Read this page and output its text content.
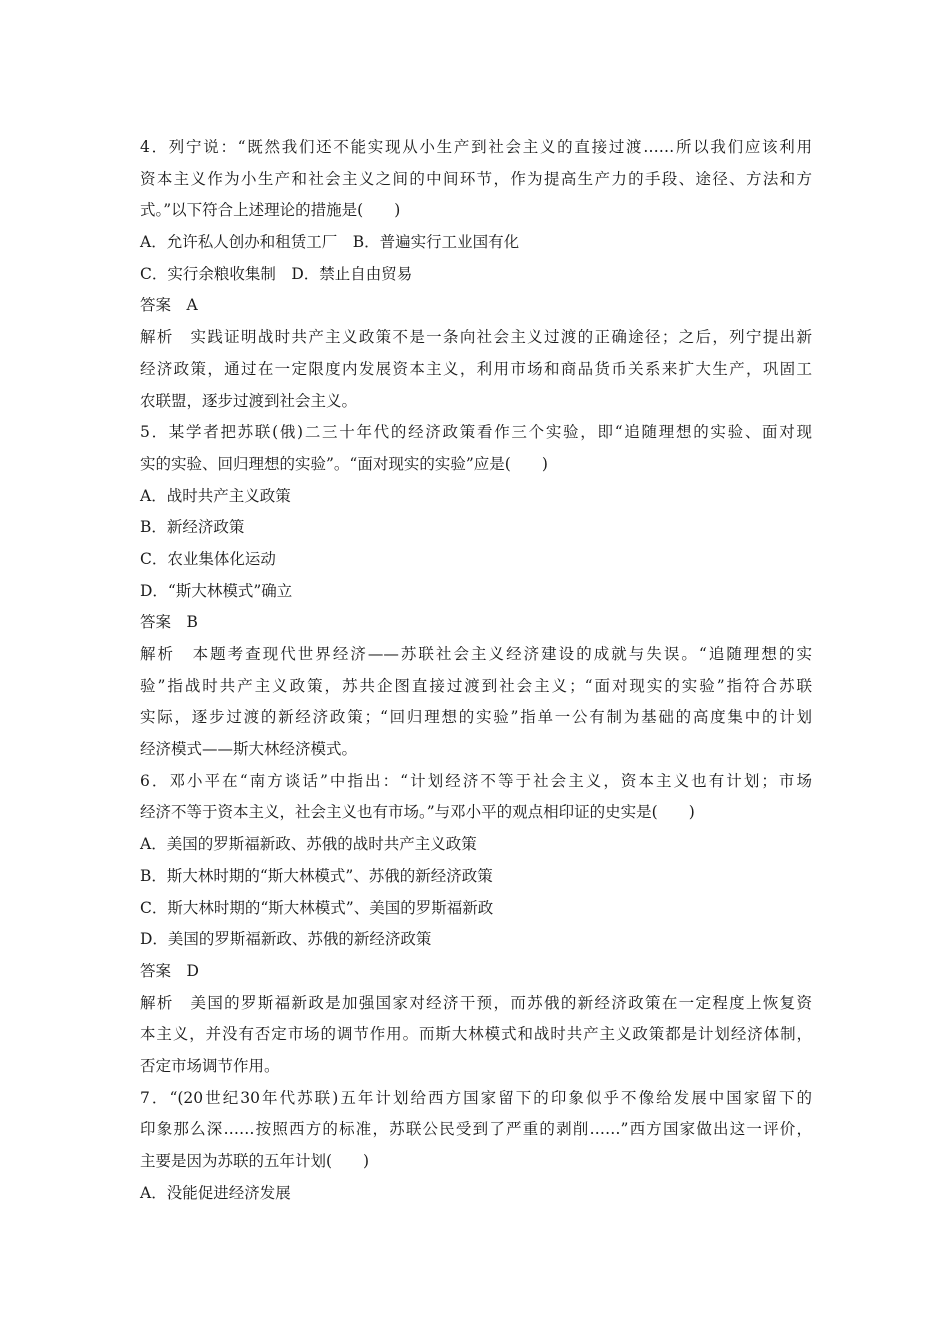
4．列宁说：“既然我们还不能实现从小生产到社会主义的直接过渡……所以我们应该利用
资本主义作为小生产和社会主义之间的中间环节，作为提高生产力的手段、途径、方法和方
式。”以下符合上述理论的措施是(　　)
A．允许私人创办和租赁工厂　B．普遍实行工业国有化
C．实行余粮收集制　D．禁止自由贸易
答案　A
解析　实践证明战时共产主义政策不是一条向社会主义过渡的正确途径；之后，列宁提出新
经济政策，通过在一定限度内发展资本主义，利用市场和商品货币关系来扩大生产，巩固工
农联盟，逐步过渡到社会主义。
5．某学者把苏联(俄)二三十年代的经济政策看作三个实验，即“追随理想的实验、面对现
实的实验、回归理想的实验”。“面对现实的实验”应是(　　)
A．战时共产主义政策
B．新经济政策
C．农业集体化运动
D．“斯大林模式”确立
答案　B
解析　本题考查现代世界经济——苏联社会主义经济建设的成就与失误。“追随理想的实
验”指战时共产主义政策，苏共企图直接过渡到社会主义；“面对现实的实验”指符合苏联
实际，逐步过渡的新经济政策；“回归理想的实验”指单一公有制为基础的高度集中的计划
经济模式——斯大林经济模式。
6．邓小平在“南方谈话”中指出：“计划经济不等于社会主义，资本主义也有计划；市场
经济不等于资本主义，社会主义也有市场。”与邓小平的观点相印证的史实是(　　)
A．美国的罗斯福新政、苏俄的战时共产主义政策
B．斯大林时期的“斯大林模式”、苏俄的新经济政策
C．斯大林时期的“斯大林模式”、美国的罗斯福新政
D．美国的罗斯福新政、苏俄的新经济政策
答案　D
解析　美国的罗斯福新政是加强国家对经济干预，而苏俄的新经济政策在一定程度上恢复资
本主义，并没有否定市场的调节作用。而斯大林模式和战时共产主义政策都是计划经济体制，
否定市场调节作用。
7．“(20世纪30年代苏联)五年计划给西方国家留下的印象似乎不像给发展中国家留下的
印象那么深……按照西方的标准，苏联公民受到了严重的剥削……”西方国家做出这一评价，
主要是因为苏联的五年计划(　　)
A．没能促进经济发展
